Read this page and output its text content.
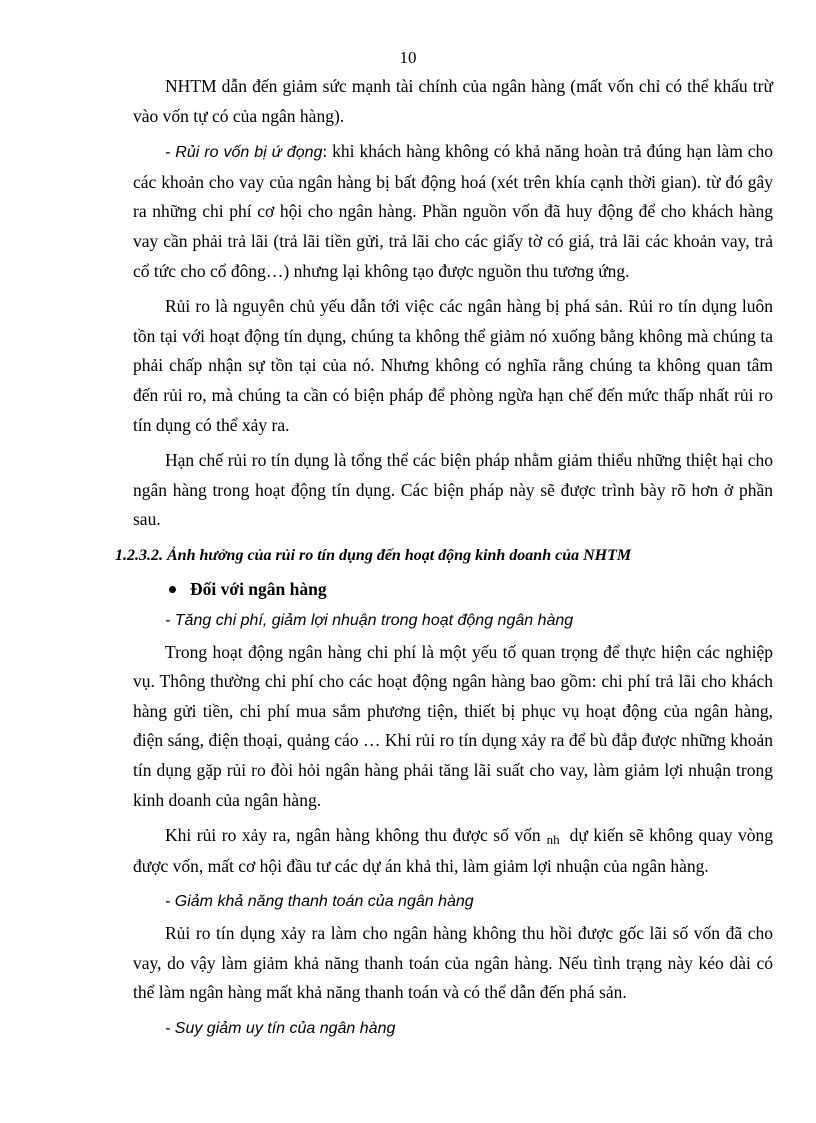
10

NHTM dẫn đến giảm sức mạnh tài chính của ngân hàng (mất vốn chỉ có thể khấu trừ vào vốn tự có của ngân hàng).

- Rủi ro vốn bị ứ đọng: khi khách hàng không có khả năng hoàn trả đúng hạn làm cho các khoản cho vay của ngân hàng bị bất động hoá (xét trên khía cạnh thời gian). từ đó gây ra những chi phí cơ hội cho ngân hàng. Phần nguồn vốn đã huy động để cho khách hàng vay cần phải trả lãi (trả lãi tiền gửi, trả lãi cho các giấy tờ có giá, trả lãi các khoản vay, trả cổ tức cho cổ đông…) nhưng lại không tạo được nguồn thu tương ứng.

Rủi ro là nguyên chủ yếu dẫn tới việc các ngân hàng bị phá sản. Rủi ro tín dụng luôn tồn tại với hoạt động tín dụng, chúng ta không thể giảm nó xuống bằng không mà chúng ta phải chấp nhận sự tồn tại của nó. Nhưng không có nghĩa rằng chúng ta không quan tâm đến rủi ro, mà chúng ta cần có biện pháp để phòng ngừa hạn chế đến mức thấp nhất rủi ro tín dụng có thể xảy ra.

Hạn chế rủi ro tín dụng là tổng thể các biện pháp nhằm giảm thiểu những thiệt hại cho ngân hàng trong hoạt động tín dụng. Các biện pháp này sẽ được trình bày rõ hơn ở phần sau.

1.2.3.2. Ảnh hưởng của rủi ro tín dụng đến hoạt động kinh doanh của NHTM

Đối với ngân hàng

- Tăng chi phí, giảm lợi nhuận trong hoạt động ngân hàng

Trong hoạt động ngân hàng chi phí là một yếu tố quan trọng để thực hiện các nghiệp vụ. Thông thường chi phí cho các hoạt động ngân hàng bao gồm: chi phí trả lãi cho khách hàng gửi tiền, chi phí mua sắm phương tiện, thiết bị phục vụ hoạt động của ngân hàng, điện sáng, điện thoại, quảng cáo … Khi rủi ro tín dụng xảy ra để bù đắp được những khoản tín dụng gặp rủi ro đòi hỏi ngân hàng phải tăng lãi suất cho vay, làm giảm lợi nhuận trong kinh doanh của ngân hàng.

Khi rủi ro xảy ra, ngân hàng không thu được số vốn nh dự kiến sẽ không quay vòng được vốn, mất cơ hội đầu tư các dự án khả thi, làm giảm lợi nhuận của ngân hàng.

- Giảm khả năng thanh toán của ngân hàng

Rủi ro tín dụng xảy ra làm cho ngân hàng không thu hồi được gốc lãi số vốn đã cho vay, do vậy làm giảm khả năng thanh toán của ngân hàng. Nếu tình trạng này kéo dài có thể làm ngân hàng mất khả năng thanh toán và có thể dẫn đến phá sản.

- Suy giảm uy tín của ngân hàng
